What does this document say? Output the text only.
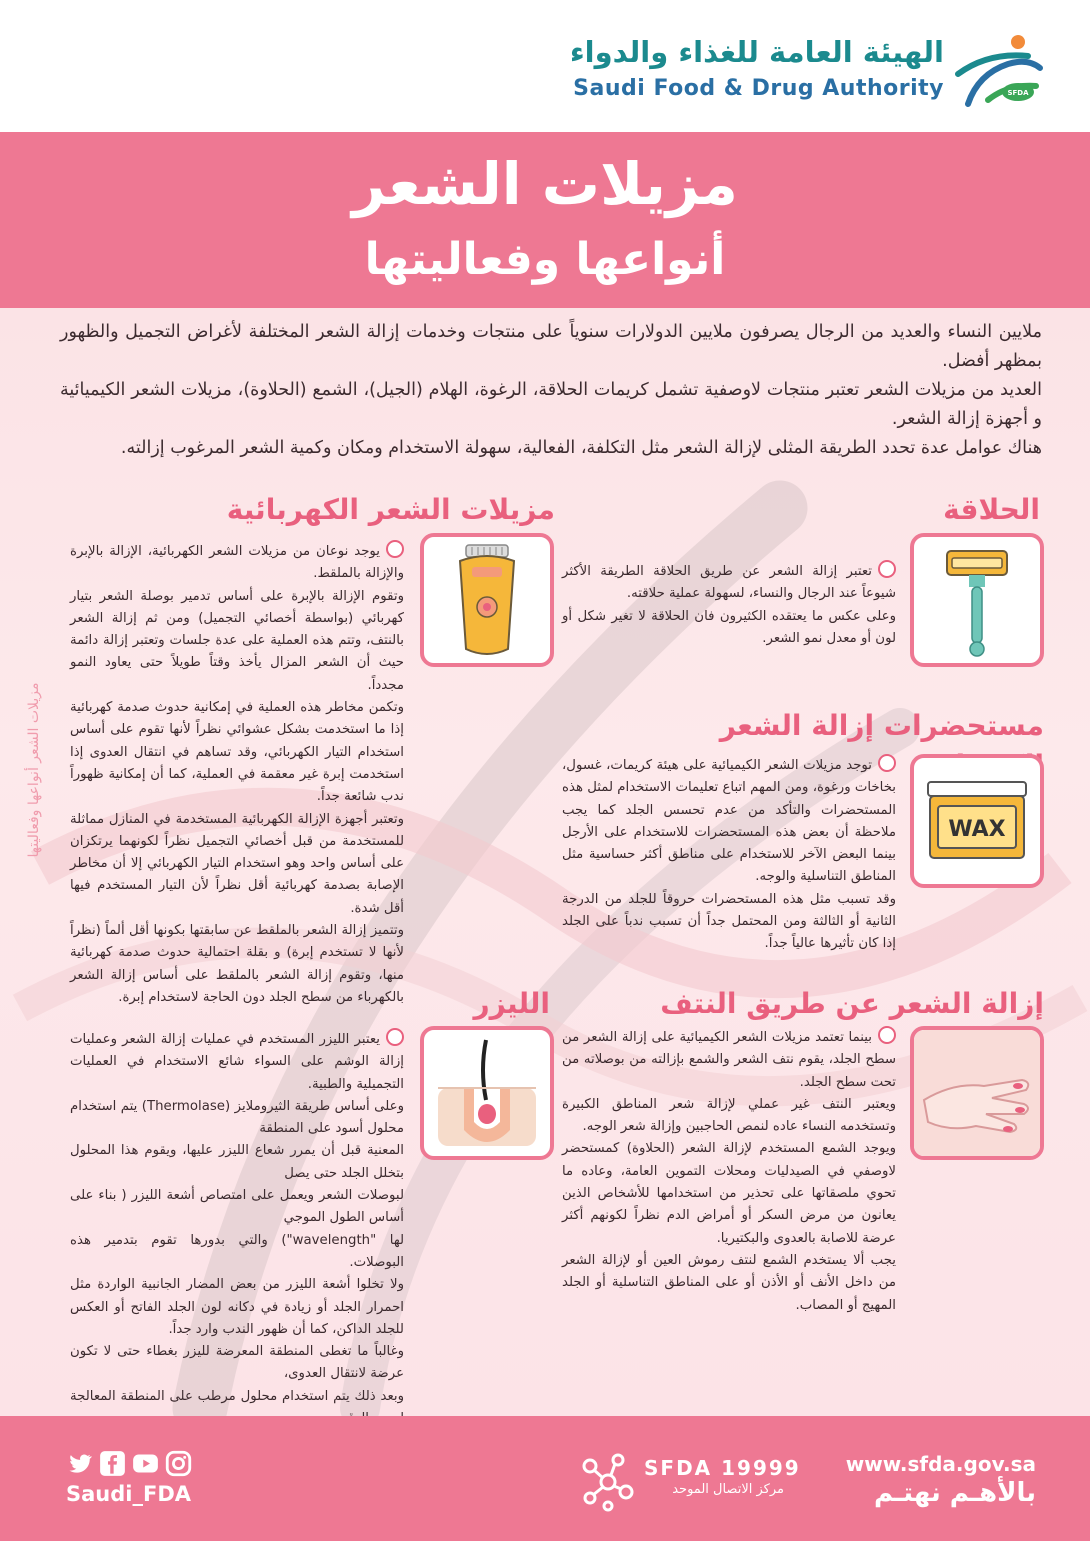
الهيئة العامة للغذاء والدواء
Saudi Food & Drug Authority	SFDA
مزيلات الشعر
أنواعها وفعاليتها

ملايين النساء والعديد من الرجال يصرفون ملايين الدولارات سنوياً على منتجات وخدمات إزالة الشعر المختلفة لأغراض التجميل والظهور بمظهر أفضل.

العديد من مزيلات الشعر تعتبر منتجات لاوصفية تشمل كريمات الحلاقة، الرغوة، الهلام (الجيل)، الشمع (الحلاوة)، مزيلات الشعر الكيميائية و أجهزة إزالة الشعر.

هناك عوامل عدة تحدد الطريقة المثلى لإزالة الشعر مثل التكلفة، الفعالية، سهولة الاستخدام ومكان وكمية الشعر المرغوب إزالته.

مزيلات الشعر أنواعها وفعاليتها
الحلاقة

تعتبر إزالة الشعر عن طريق الحلاقة الطريقة الأكثر شيوعاً عند الرجال والنساء، لسهولة عملية حلاقته.

وعلى عكس ما يعتقده الكثيرون فان الحلاقة لا تغير شكل أو لون أو معدل نمو الشعر.

مزيلات الشعر الكهربائية

يوجد نوعان من مزيلات الشعر الكهربائية، الإزالة بالإبرة والإزالة بالملقط.

وتقوم الإزالة بالإبرة على أساس تدمير بوصلة الشعر بتيار كهربائي (بواسطة أخصائي التجميل) ومن ثم إزالة الشعر بالنتف، وتتم هذه العملية على عدة جلسات وتعتبر إزالة دائمة حيث أن الشعر المزال يأخذ وقتاً طويلاً حتى يعاود النمو مجدداً.

وتكمن مخاطر هذه العملية في إمكانية حدوث صدمة كهربائية إذا ما استخدمت بشكل عشوائي نظراً لأنها تقوم على أساس استخدام التيار الكهربائي، وقد تساهم في انتقال العدوى إذا استخدمت إبرة غير معقمة في العملية، كما أن إمكانية ظهوراً ندب شائعة جداً.

وتعتبر أجهزة الإزالة الكهربائية المستخدمة في المنازل مماثلة للمستخدمة من قبل أخصائي التجميل نظراً لكونهما يرتكزان على أساس واحد وهو استخدام التيار الكهربائي إلا أن مخاطر الإصابة بصدمة كهربائية أقل نظراً لأن التيار المستخدم فيها أقل شدة.

وتتميز إزالة الشعر بالملقط عن سابقتها بكونها أقل ألماً (نظراً لأنها لا تستخدم إبرة) و بقلة احتمالية حدوث صدمة كهربائية منها، وتقوم إزالة الشعر بالملقط على أساس إزالة الشعر بالكهرباء من سطح الجلد دون الحاجة لاستخدام إبرة.

مستحضرات إزالة الشعر
WAX

توجد مزيلات الشعر الكيميائية على هيئة كريمات، غسول، بخاخات ورغوة، ومن المهم اتباع تعليمات الاستخدام لمثل هذه المستحضرات والتأكد من عدم تحسس الجلد كما يجب ملاحظة أن بعض هذه المستحضرات للاستخدام على الأرجل بينما البعض الآخر للاستخدام على مناطق أكثر حساسية مثل المناطق التناسلية والوجه.

وقد تسبب مثل هذه المستحضرات حروقاً للجلد من الدرجة الثانية أو الثالثة ومن المحتمل جداً أن تسبب ندباً على الجلد إذا كان تأثيرها عالياً جداً.

إزالة الشعر عن طريق النتف

بينما تعتمد مزيلات الشعر الكيميائية على إزالة الشعر من سطح الجلد، يقوم نتف الشعر والشمع بإزالته من بوصلاته من تحت سطح الجلد.

ويعتبر النتف غير عملي لإزالة شعر المناطق الكبيرة وتستخدمه النساء عاده لنمص الحاجبين وإزالة شعر الوجه.

ويوجد الشمع المستخدم لإزالة الشعر (الحلاوة) كمستحضر لاوصفي في الصيدليات ومحلات التموين العامة، وعاده ما تحوي ملصقاتها على تحذير من استخدامها للأشخاص الذين يعانون من مرض السكر أو أمراض الدم نظراً لكونهم أكثر عرضة للاصابة بالعدوى والبكتيريا.

يجب ألا يستخدم الشمع لنتف رموش العين أو لإزالة الشعر من داخل الأنف أو الأذن أو على المناطق التناسلية أو الجلد المهيج أو المصاب.

الليزر

يعتبر الليزر المستخدم في عمليات إزالة الشعر وعمليات إزالة الوشم على السواء شائع الاستخدام في العمليات التجميلية والطبية.

وعلى أساس طريقة الثيروملايز (Thermolase) يتم استخدام محلول أسود على المنطقة

المعنية قبل أن يمرر شعاع الليزر عليها، ويقوم هذا المحلول بتخلل الجلد حتى يصل

لبوصلات الشعر ويعمل على امتصاص أشعة الليزر ( بناء على أساس الطول الموجي

لها "wavelength") والتي بدورها تقوم بتدمير هذه البوصلات.

ولا تخلوا أشعة الليزر من بعض المضار الجانبية الواردة مثل احمرار الجلد أو زيادة في دكانه لون الجلد الفاتح أو العكس للجلد الداكن، كما أن ظهور الندب وارد جداً.

وغالباً ما تغطى المنطقة المعرضة لليزر بغطاء حتى لا تكون عرضة لانتقال العدوى،

وبعد ذلك يتم استخدام محلول مرطب على المنطقة المعالجة

Saudi_FDA
SFDA 19999
مركز الاتصال الموحد
www.sfda.gov.sa
بالأهـم نهتـم
